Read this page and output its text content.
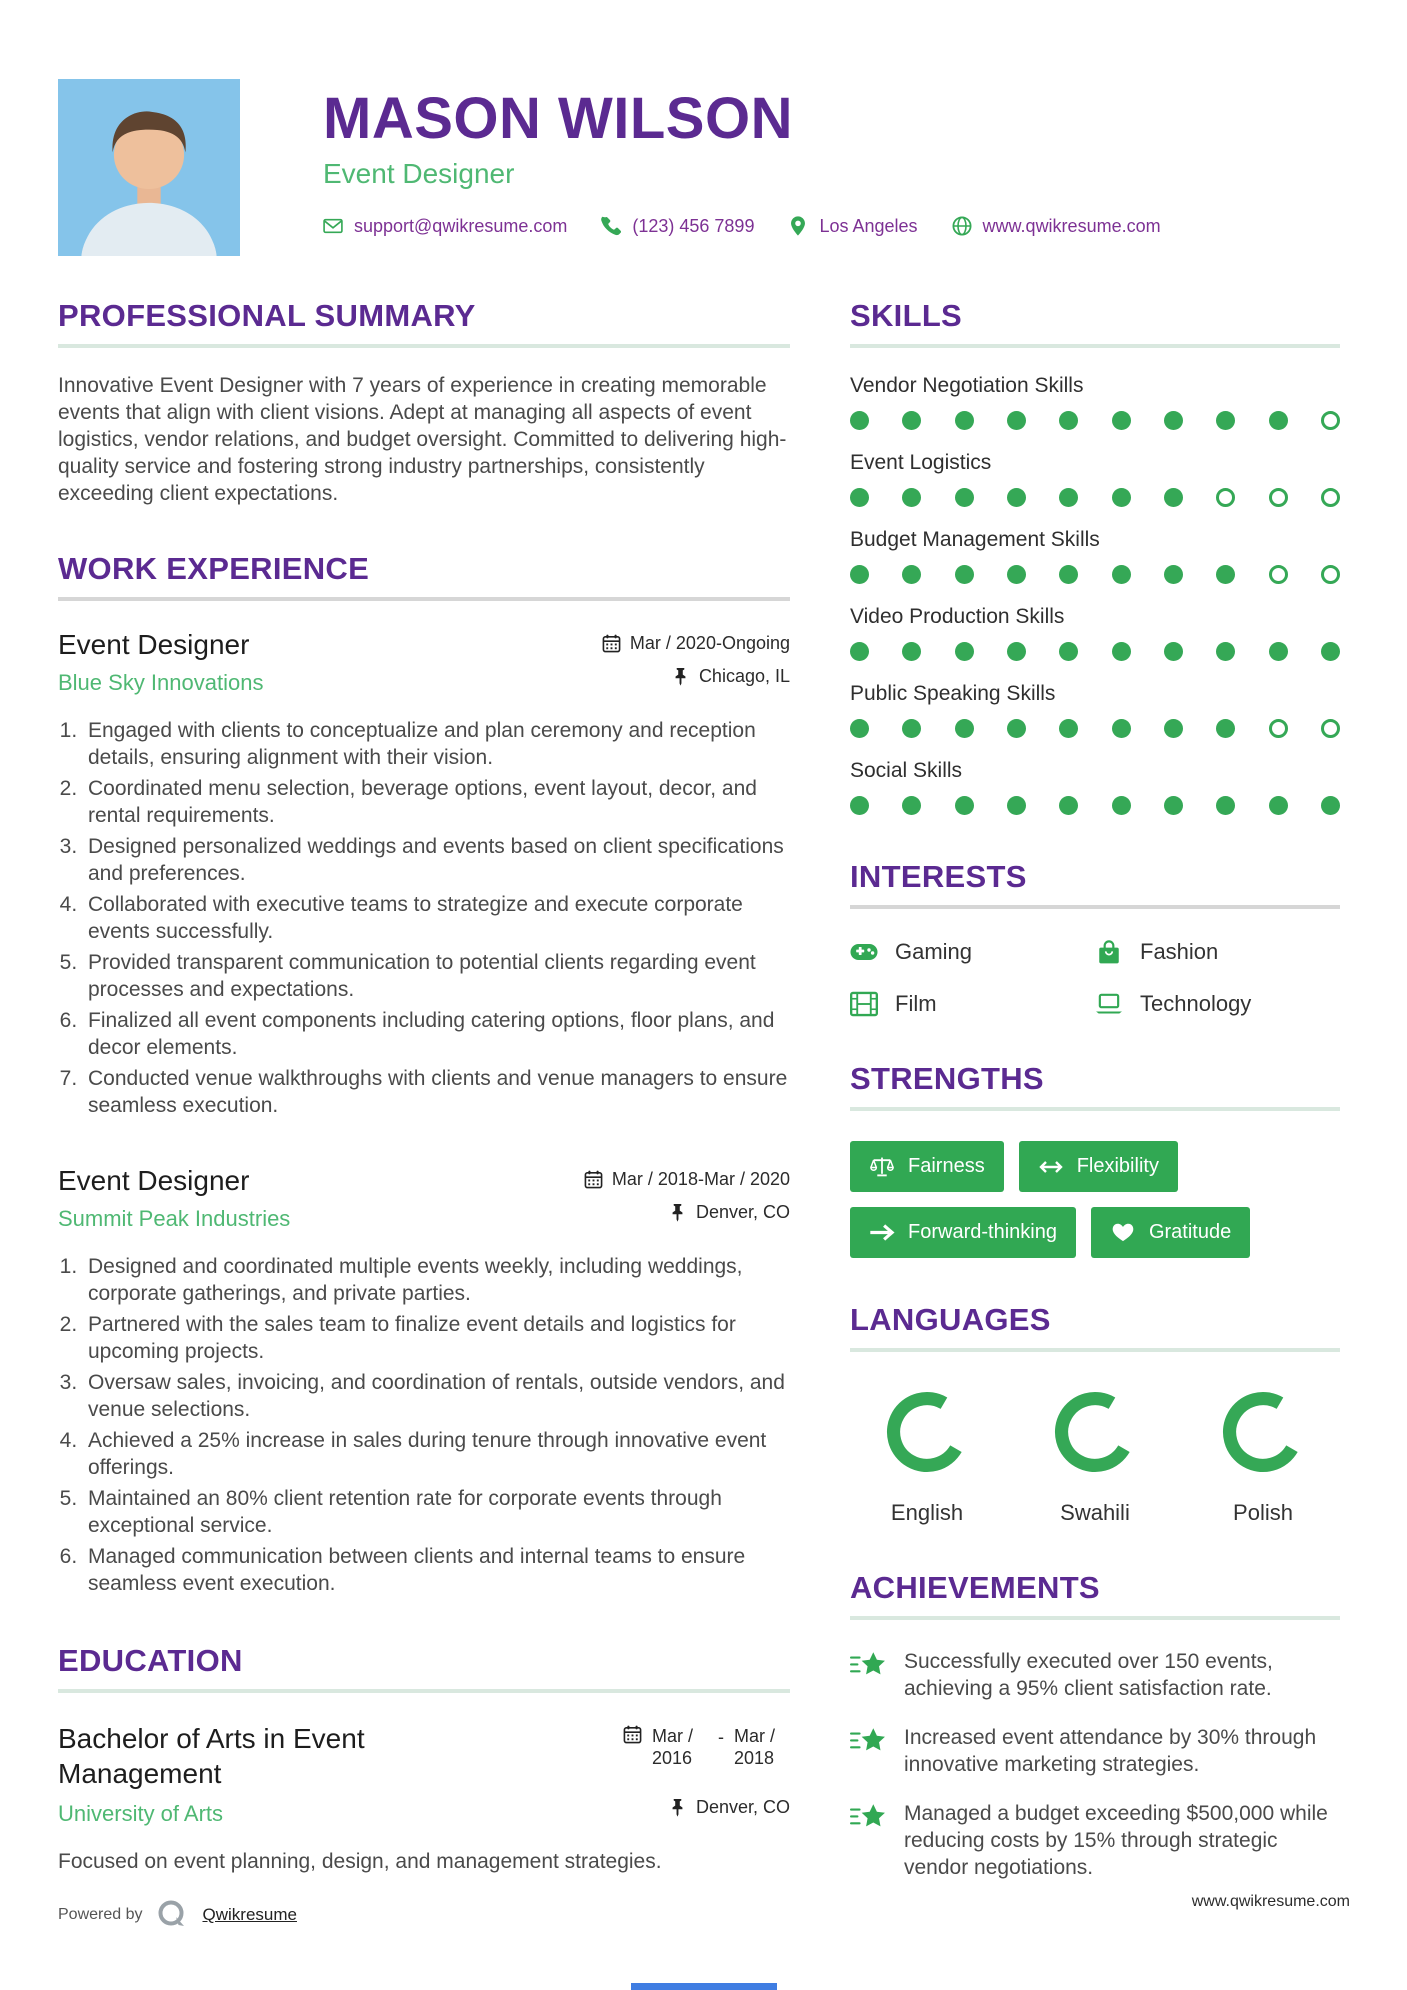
MASON WILSON
Event Designer
support@qwikresume.com	(123) 456 7899	Los Angeles	www.qwikresume.com
PROFESSIONAL SUMMARY

Innovative Event Designer with 7 years of experience in creating memorable events that align with client visions. Adept at managing all aspects of event logistics, vendor relations, and budget oversight. Committed to delivering high-quality service and fostering strong industry partnerships, consistently exceeding client expectations.

WORK EXPERIENCE
Event Designer
Blue Sky Innovations
Mar / 2020-Ongoing
Chicago, IL
1. Engaged with clients to conceptualize and plan ceremony and reception details, ensuring alignment with their vision.
2. Coordinated menu selection, beverage options, event layout, decor, and rental requirements.
3. Designed personalized weddings and events based on client specifications and preferences.
4. Collaborated with executive teams to strategize and execute corporate events successfully.
5. Provided transparent communication to potential clients regarding event processes and expectations.
6. Finalized all event components including catering options, floor plans, and decor elements.
7. Conducted venue walkthroughs with clients and venue managers to ensure seamless execution.
Event Designer
Summit Peak Industries
Mar / 2018-Mar / 2020
Denver, CO
1. Designed and coordinated multiple events weekly, including weddings, corporate gatherings, and private parties.
2. Partnered with the sales team to finalize event details and logistics for upcoming projects.
3. Oversaw sales, invoicing, and coordination of rentals, outside vendors, and venue selections.
4. Achieved a 25% increase in sales during tenure through innovative event offerings.
5. Maintained an 80% client retention rate for corporate events through exceptional service.
6. Managed communication between clients and internal teams to ensure seamless event execution.
EDUCATION
Bachelor of Arts in Event Management
University of Arts
Mar / 2016
- Mar / 2018
Denver, CO

Focused on event planning, design, and management strategies.

SKILLS
Vendor Negotiation Skills
Event Logistics
Budget Management Skills
Video Production Skills
Public Speaking Skills
Social Skills
INTERESTS
Gaming	Fashion
Film	Technology
STRENGTHS
Fairness	Flexibility
Forward-thinking	Gratitude
LANGUAGES
English	Swahili	Polish
ACHIEVEMENTS

Successfully executed over 150 events, achieving a 95% client satisfaction rate.

Increased event attendance by 30% through innovative marketing strategies.

Managed a budget exceeding $500,000 while reducing costs by 15% through strategic vendor negotiations.

Powered by	Qwikresume
www.qwikresume.com
